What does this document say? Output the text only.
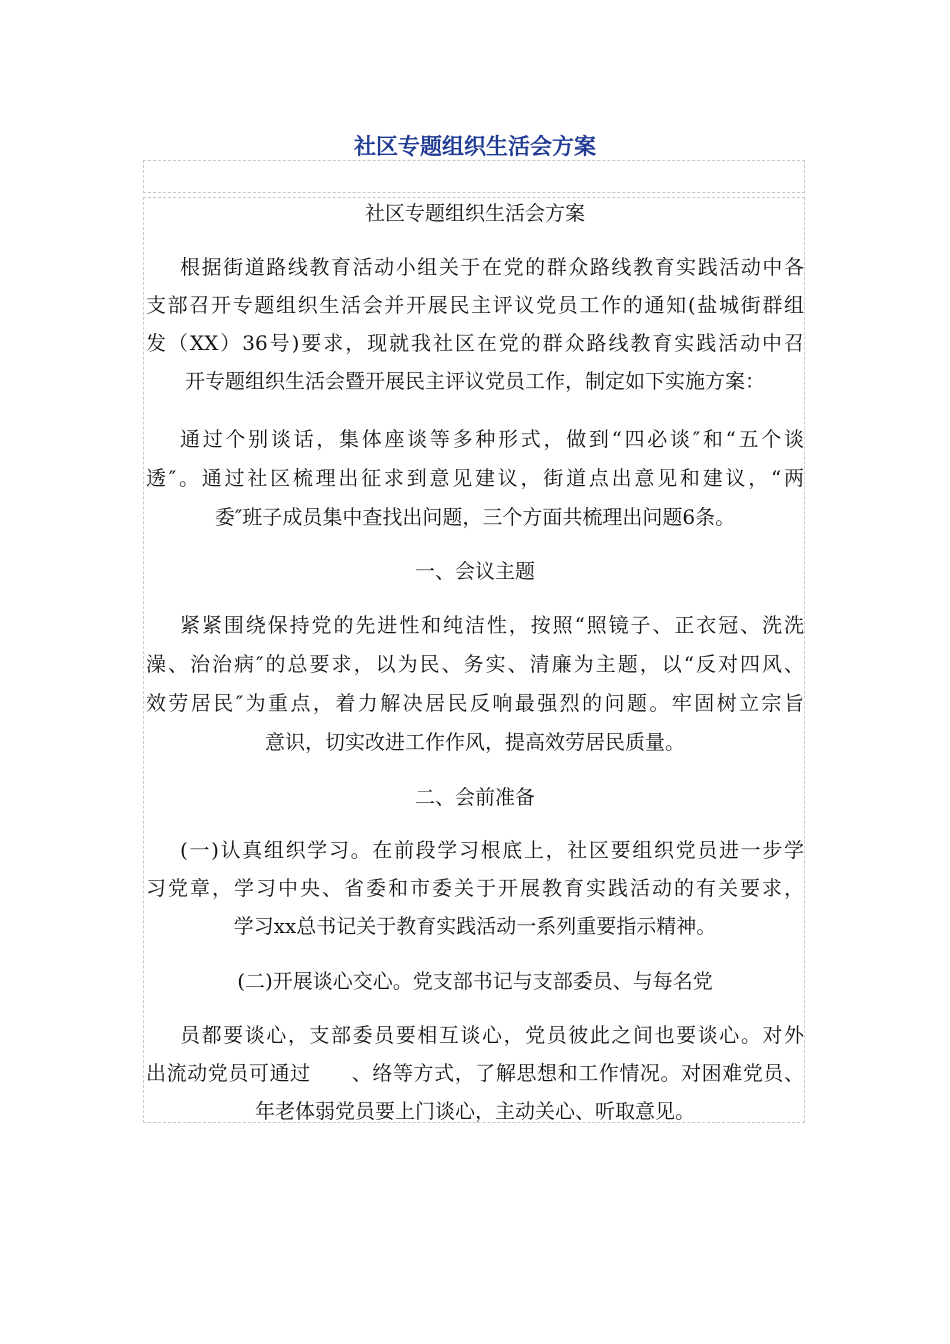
社区专题组织生活会方案

社区专题组织生活会方案

根据街道路线教育活动小组关于在党的群众路线教育实践活动中各

支部召开专题组织生活会并开展民主评议党员工作的通知(盐城街群组

发（XX）36号)要求，现就我社区在党的群众路线教育实践活动中召

开专题组织生活会暨开展民主评议党员工作，制定如下实施方案：

通过个别谈话，集体座谈等多种形式，做到“四必谈″和“五个谈

透″。通过社区梳理出征求到意见建议，街道点出意见和建议，“两

委″班子成员集中查找出问题，三个方面共梳理出问题6条。

一、会议主题

紧紧围绕保持党的先进性和纯洁性，按照“照镜子、正衣冠、洗洗

澡、治治病″的总要求，以为民、务实、清廉为主题，以“反对四风、

效劳居民″为重点，着力解决居民反响最强烈的问题。牢固树立宗旨

意识，切实改进工作作风，提高效劳居民质量。

二、会前准备

(一)认真组织学习。在前段学习根底上，社区要组织党员进一步学

习党章，学习中央、省委和市委关于开展教育实践活动的有关要求，

学习xx总书记关于教育实践活动一系列重要指示精神。

(二)开展谈心交心。党支部书记与支部委员、与每名党

员都要谈心，支部委员要相互谈心，党员彼此之间也要谈心。对外

出流动党员可通过　　、络等方式，了解思想和工作情况。对困难党员、

年老体弱党员要上门谈心，主动关心、听取意见。
